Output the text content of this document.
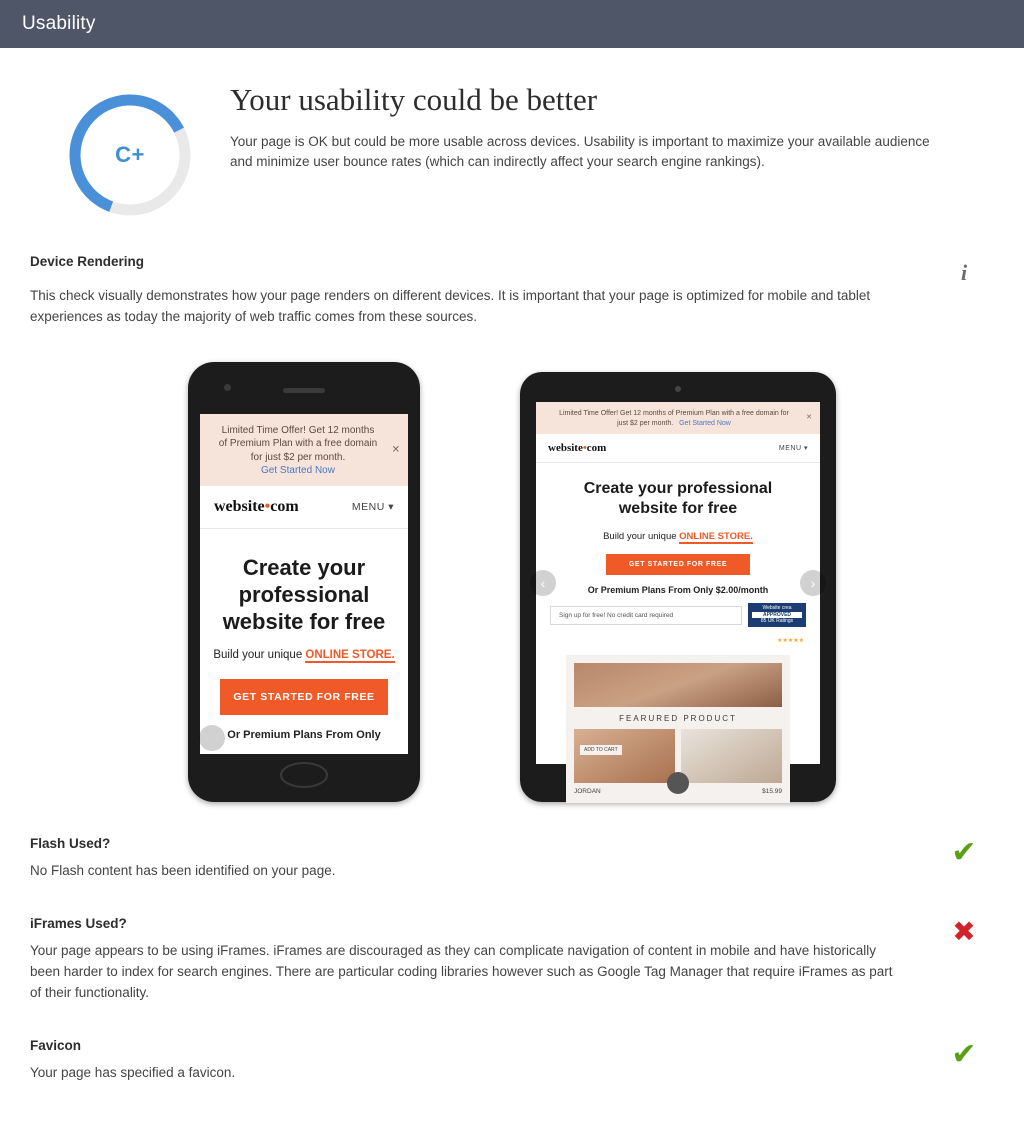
Usability
C+
Your usability could be better
Your page is OK but could be more usable across devices. Usability is important to maximize your available audience and minimize user bounce rates (which can indirectly affect your search engine rankings).
Device Rendering	i
This check visually demonstrates how your page renders on different devices. It is important that your page is optimized for mobile and tablet experiences as today the majority of web traffic comes from these sources.
Limited Time Offer! Get 12 months
of Premium Plan with a free domain
for just $2 per month.
Get Started Now
✕
website•com	MENU ▾
Create your professional website for free
Build your unique ONLINE STORE.
GET STARTED FOR FREE
Or Premium Plans From Only
Limited Time Offer! Get 12 months of Premium Plan with a free domain for
just $2 per month. Get Started Now
✕
website•com	MENU ▾
Create your professional website for free
Build your unique ONLINE STORE.
GET STARTED FOR FREE
Or Premium Plans From Only $2.00/month
Sign up for free! No credit card required
Website crea
APPROVED
85 UK Ratings
★★★★★
FEARURED PRODUCT
ADD TO CART
JORDAN	$15.99
‹	›
Flash Used?
No Flash content has been identified on your page.
✔
iFrames Used?
Your page appears to be using iFrames. iFrames are discouraged as they can complicate navigation of content in mobile and have historically been harder to index for search engines. There are particular coding libraries however such as Google Tag Manager that require iFrames as part of their functionality.
✖
Favicon
Your page has specified a favicon.
✔
